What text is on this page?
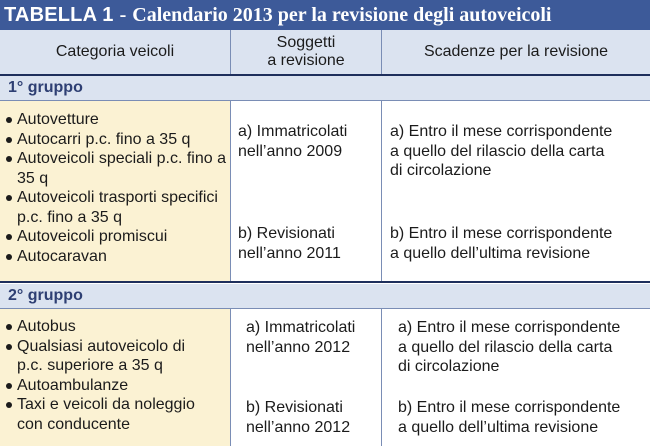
TABELLA 1 - Calendario 2013 per la revisione degli autoveicoli
Categoria veicoli
Soggetti
a revisione
Scadenze per la revisione
1° gruppo
Autovetture
Autocarri p.c. fino a 35 q
Autoveicoli speciali p.c. fino a 35 q
Autoveicoli trasporti specifici p.c. fino a 35 q
Autoveicoli promiscui
Autocaravan
a) Immatricolati
nell’anno 2009
b) Revisionati
nell’anno 2011
a) Entro il mese corrispondente
a quello del rilascio della carta
di circolazione
b) Entro il mese corrispondente
a quello dell’ultima revisione
2° gruppo
Autobus
Qualsiasi autoveicolo di p.c. superiore a 35 q
Autoambulanze
Taxi e veicoli da noleggio con conducente
a) Immatricolati
nell’anno 2012
b) Revisionati
nell’anno 2012
a) Entro il mese corrispondente
a quello del rilascio della carta
di circolazione
b) Entro il mese corrispondente
a quello dell’ultima revisione
